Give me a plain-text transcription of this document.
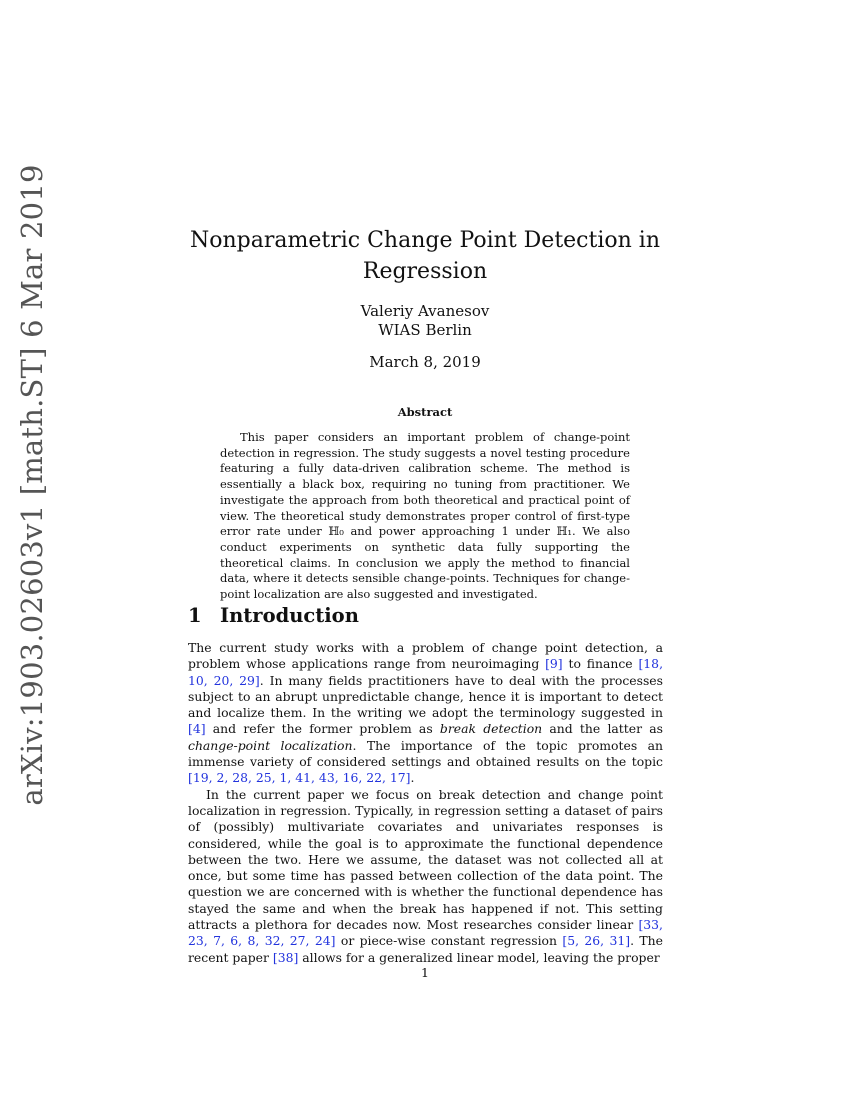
arXiv:1903.02603v1 [math.ST] 6 Mar 2019	Nonparametric Change Point Detection in
Regression
Valeriy Avanesov
WIAS Berlin
March 8, 2019
Abstract
This paper considers an important problem of change-point detection in regression. The study suggests a novel testing procedure featuring a fully data-driven calibration scheme. The method is essentially a black box, requiring no tuning from practitioner. We investigate the approach from both theoretical and practical point of view. The theoretical study demonstrates proper control of first-type error rate under ℍ₀ and power approaching 1 under ℍ₁. We also conduct experiments on synthetic data fully supporting the theoretical claims. In conclusion we apply the method to financial data, where it detects sensible change-points. Techniques for change-point localization are also suggested and investigated.
1 Introduction

The current study works with a problem of change point detection, a problem whose applications range from neuroimaging [9] to finance [18, 10, 20, 29]. In many fields practitioners have to deal with the processes subject to an abrupt unpredictable change, hence it is important to detect and localize them. In the writing we adopt the terminology suggested in [4] and refer the former problem as break detection and the latter as change-point localization. The importance of the topic promotes an immense variety of considered settings and obtained results on the topic [19, 2, 28, 25, 1, 41, 43, 16, 22, 17].

In the current paper we focus on break detection and change point localization in regression. Typically, in regression setting a dataset of pairs of (possibly) multivariate covariates and univariates responses is considered, while the goal is to approximate the functional dependence between the two. Here we assume, the dataset was not collected all at once, but some time has passed between collection of the data point. The question we are concerned with is whether the functional dependence has stayed the same and when the break has happened if not. This setting attracts a plethora for decades now. Most researches consider linear [33, 23, 7, 6, 8, 32, 27, 24] or piece-wise constant regression [5, 26, 31]. The recent paper [38] allows for a generalized linear model, leaving the proper

1
